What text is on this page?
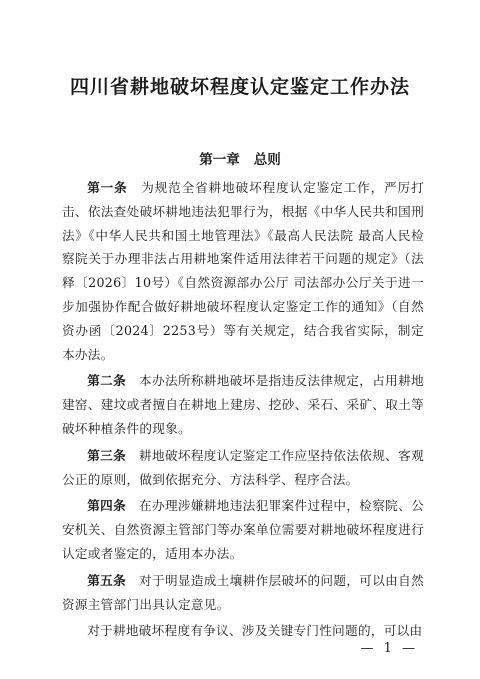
四川省耕地破坏程度认定鉴定工作办法
第一章 总则

第一条  为规范全省耕地破坏程度认定鉴定工作，严厉打击、依法查处破坏耕地违法犯罪行为，根据《中华人民共和国刑法》《中华人民共和国土地管理法》《最高人民法院 最高人民检察院关于办理非法占用耕地案件适用法律若干问题的规定》（法释〔2026〕10号）《自然资源部办公厅 司法部办公厅关于进一步加强协作配合做好耕地破坏程度认定鉴定工作的通知》（自然资办函〔2024〕2253号）等有关规定，结合我省实际，制定本办法。

第二条  本办法所称耕地破坏是指违反法律规定，占用耕地建窑、建坟或者擅自在耕地上建房、挖砂、采石、采矿、取土等破坏种植条件的现象。

第三条  耕地破坏程度认定鉴定工作应坚持依法依规、客观公正的原则，做到依据充分、方法科学、程序合法。

第四条  在办理涉嫌耕地违法犯罪案件过程中，检察院、公安机关、自然资源主管部门等办案单位需要对耕地破坏程度进行认定或者鉴定的，适用本办法。

第五条  对于明显造成土壤耕作层破坏的问题，可以由自然资源主管部门出具认定意见。

对于耕地破坏程度有争议、涉及关键专门性问题的，可以由

— 1 —
